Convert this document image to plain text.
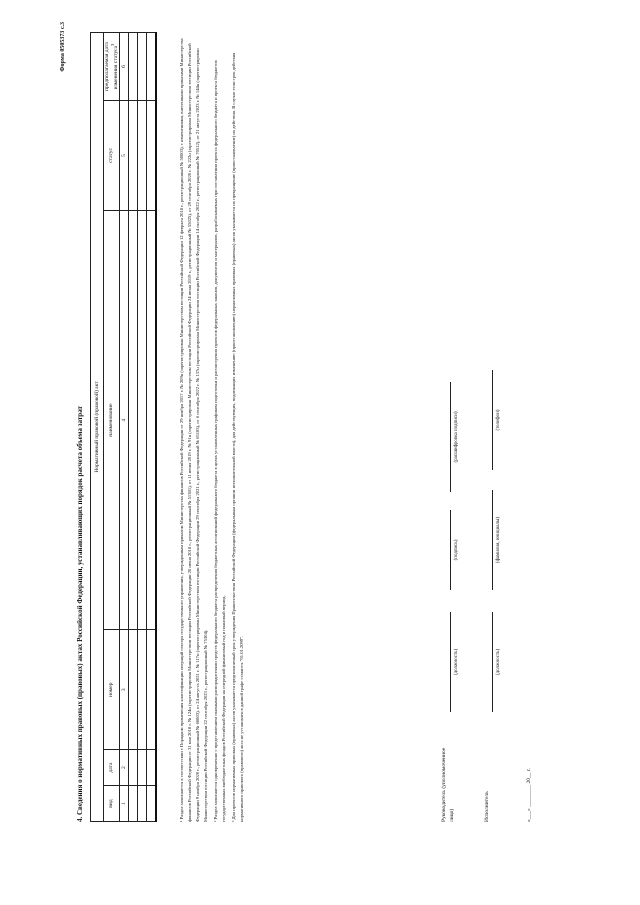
Форма 0505373 с.3
4. Сведения о нормативных правовых (правовых) актах Российской Федерации, устанавливающих порядок расчета объема затрат Нормативный правовой (правовой) акт					
вид	дата	номер	наименование	статус	предполагаемая дата изменения статуса$^3$
1	2	3	4	5	6

						¹ Раздел заполняется в соответствии с Порядком применения классификации операций сектора государственного управления, утвержденным приказом Министерства финансов Российской Федерации от 29 ноября 2017 г. № 209н (зарегистрирован Министерством юстиции Российской Федерации 12 февраля 2018 г., регистрационный № 50003), с изменениями, внесенными приказами Министерства финансов Российской Федерации от 31 мая 2018 г. № 124н (зарегистрирован Министерством юстиции Российской Федерации 20 июня 2018 г., регистрационный № 51381), от 11 июня 2019 г. № 91н (зарегистрирован Министерством юстиции Российской Федерации 24 июня 2019 г., регистрационный № 55025), от 29 сентября 2020 г. № 222н (зарегистрирован Министерством юстиции Российской Федерации 9 ноября 2020 г., регистрационный № 60803), от 24 августа 2021 г. № 117н (зарегистрирован Министерством юстиции Российской Федерации 29 сентября 2021 г., регистрационный № 65183), от 6 сентября 2022 г. № 137н (зарегистрирован Министерством юстиции Российской Федерации 14 октября 2022 г., регистрационный № 70512), от 21 августа 2023 г. № 144н (зарегистрирован Министерством юстиции Российской Федерации 22 сентября 2023 г., регистрационный № 75304).	² Раздел заполняется одновременно с представлением главными распорядителями средств федерального бюджета распределения бюджетных ассигнований федерального бюджета в целях установленных графиком подготовки и рассмотрения проектов федеральных законов, документов и материалов, разрабатываемых при составлении проекта федерального бюджета и проекта бюджетов государственных внебюджетных фондов Российской Федерации на очередной финансовый год и плановый период.	³ Для проектов нормативных правовых (правовых) актов указывается предполагаемый срок утверждения Правительством Российской Федерации (федеральным органом исполнительной власти), для действующих, подлежащих изменению (приостановлению) нормативных правовых (правовых) актов указывается их прекращение (приостановление) их действия. В случае если срок действия нормативного правового (правового) акта не установлен в данной графе ставится "01.01.2099".	Руководитель (уполномоченное лицо)
(должность)
(подпись)
(расшифровка подписи)
Исполнитель
(должность)
(фамилия, инициалы)
(телефон)
«___» ________ 20__ г.
